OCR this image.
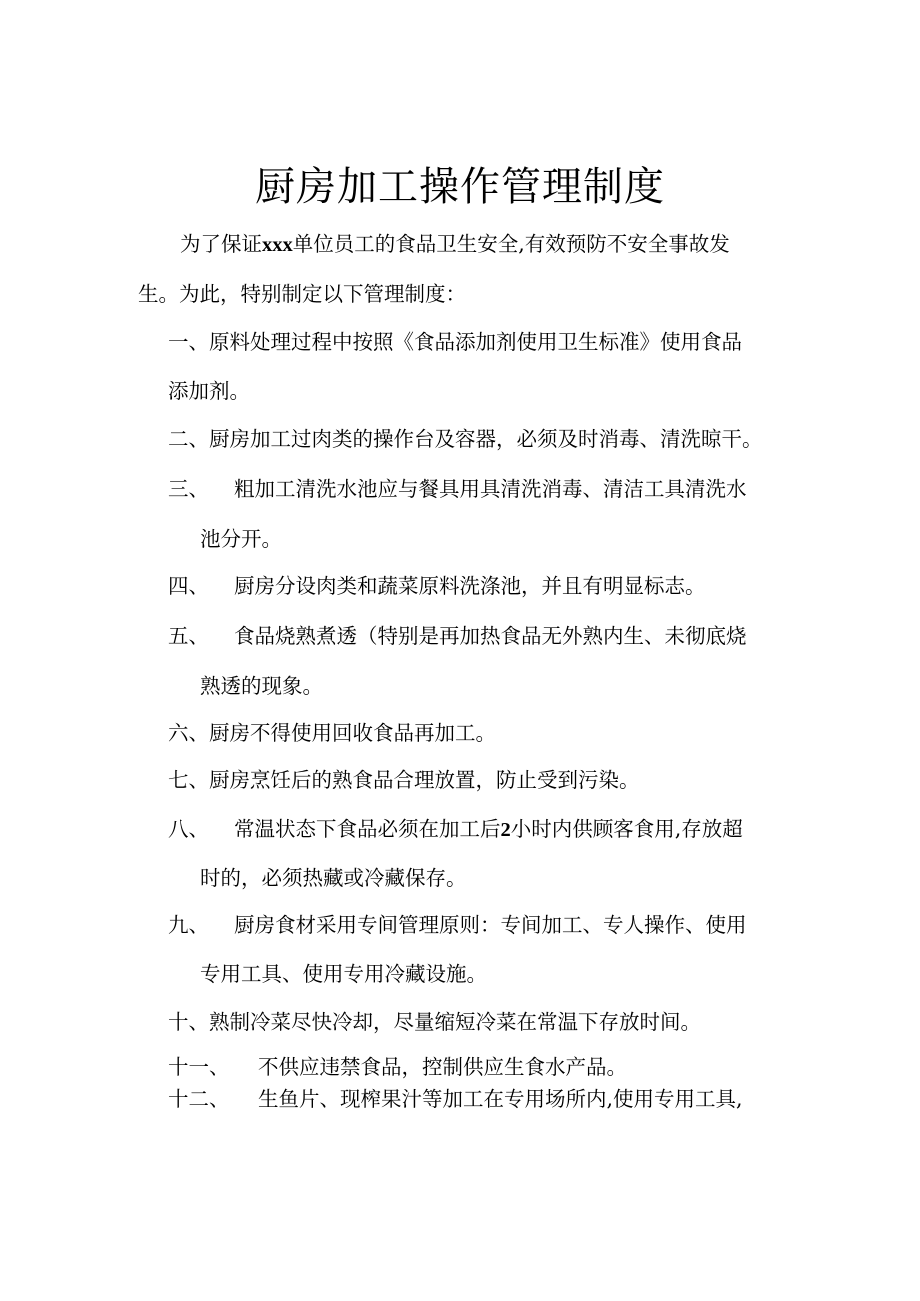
厨房加工操作管理制度
为了保证xxx单位员工的食品卫生安全,有效预防不安全事故发
生。为此，特别制定以下管理制度：
一、原料处理过程中按照《食品添加剂使用卫生标准》使用食品
添加剂。
二、厨房加工过肉类的操作台及容器，必须及时消毒、清洗晾干。
三、 粗加工清洗水池应与餐具用具清洗消毒、清洁工具清洗水
池分开。
四、 厨房分设肉类和蔬菜原料洗涤池，并且有明显标志。
五、 食品烧熟煮透（特别是再加热食品无外熟内生、未彻底烧
熟透的现象。
六、厨房不得使用回收食品再加工。
七、厨房烹饪后的熟食品合理放置，防止受到污染。
八、 常温状态下食品必须在加工后2小时内供顾客食用,存放超
时的，必须热藏或冷藏保存。
九、 厨房食材采用专间管理原则：专间加工、专人操作、使用
专用工具、使用专用冷藏设施。
十、熟制冷菜尽快冷却，尽量缩短冷菜在常温下存放时间。
十一、 不供应违禁食品，控制供应生食水产品。
十二、 生鱼片、现榨果汁等加工在专用场所内,使用专用工具,
